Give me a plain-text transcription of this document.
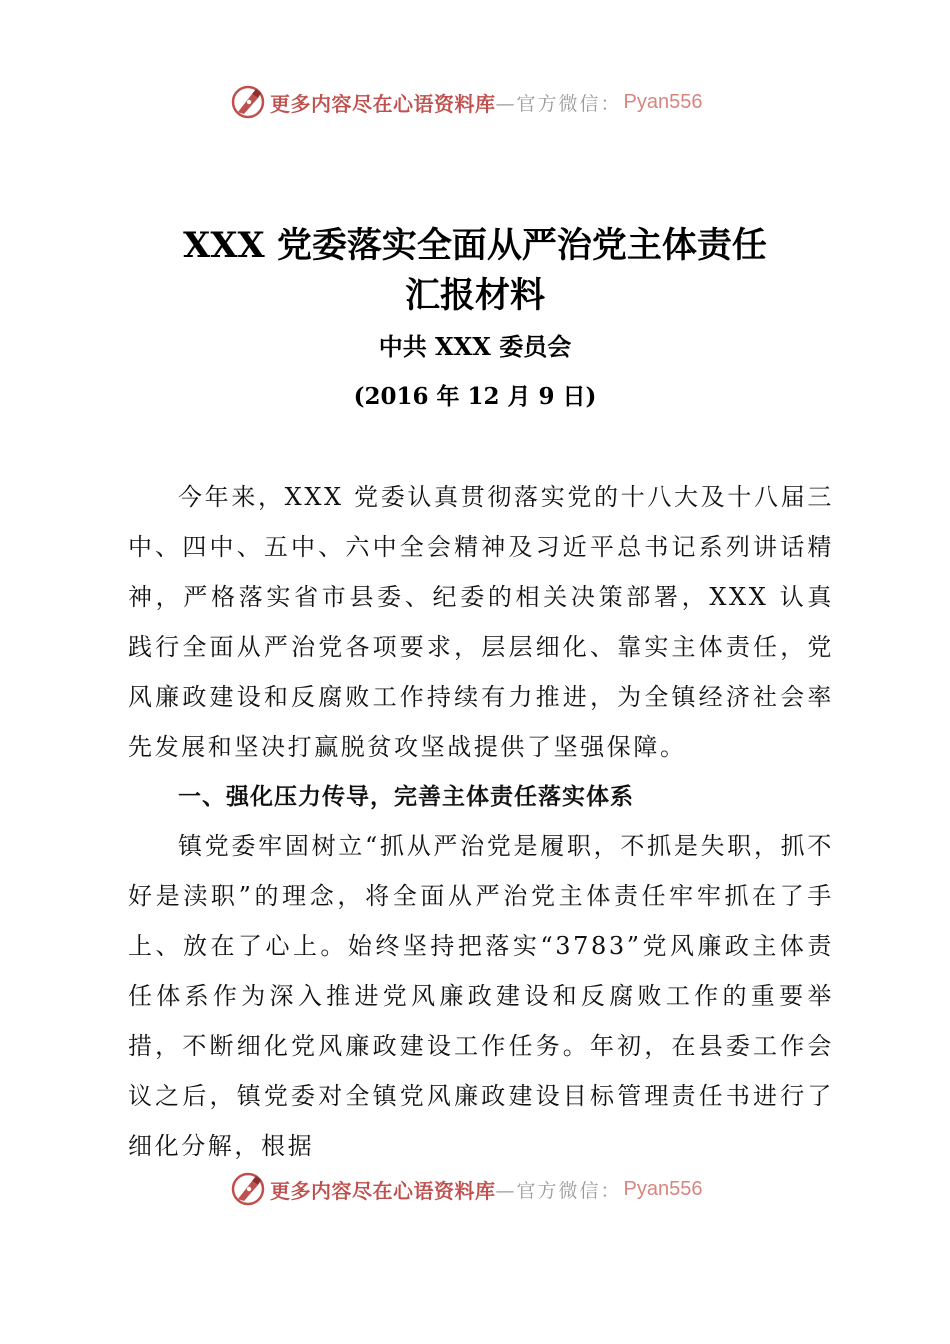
更多内容尽在心语资料库 —官方微信： Pyan556
XXX 党委落实全面从严治党主体责任
汇报材料
中共 XXX 委员会
(2016 年 12 月 9 日)

今年来，XXX 党委认真贯彻落实党的十八大及十八届三中、四中、五中、六中全会精神及习近平总书记系列讲话精神，严格落实省市县委、纪委的相关决策部署，XXX 认真践行全面从严治党各项要求，层层细化、靠实主体责任，党风廉政建设和反腐败工作持续有力推进，为全镇经济社会率先发展和坚决打赢脱贫攻坚战提供了坚强保障。

一、强化压力传导，完善主体责任落实体系

镇党委牢固树立“抓从严治党是履职，不抓是失职，抓不好是渎职”的理念，将全面从严治党主体责任牢牢抓在了手上、放在了心上。始终坚持把落实“3783”党风廉政主体责任体系作为深入推进党风廉政建设和反腐败工作的重要举措，不断细化党风廉政建设工作任务。年初，在县委工作会议之后，镇党委对全镇党风廉政建设目标管理责任书进行了细化分解，根据

更多内容尽在心语资料库 —官方微信： Pyan556
